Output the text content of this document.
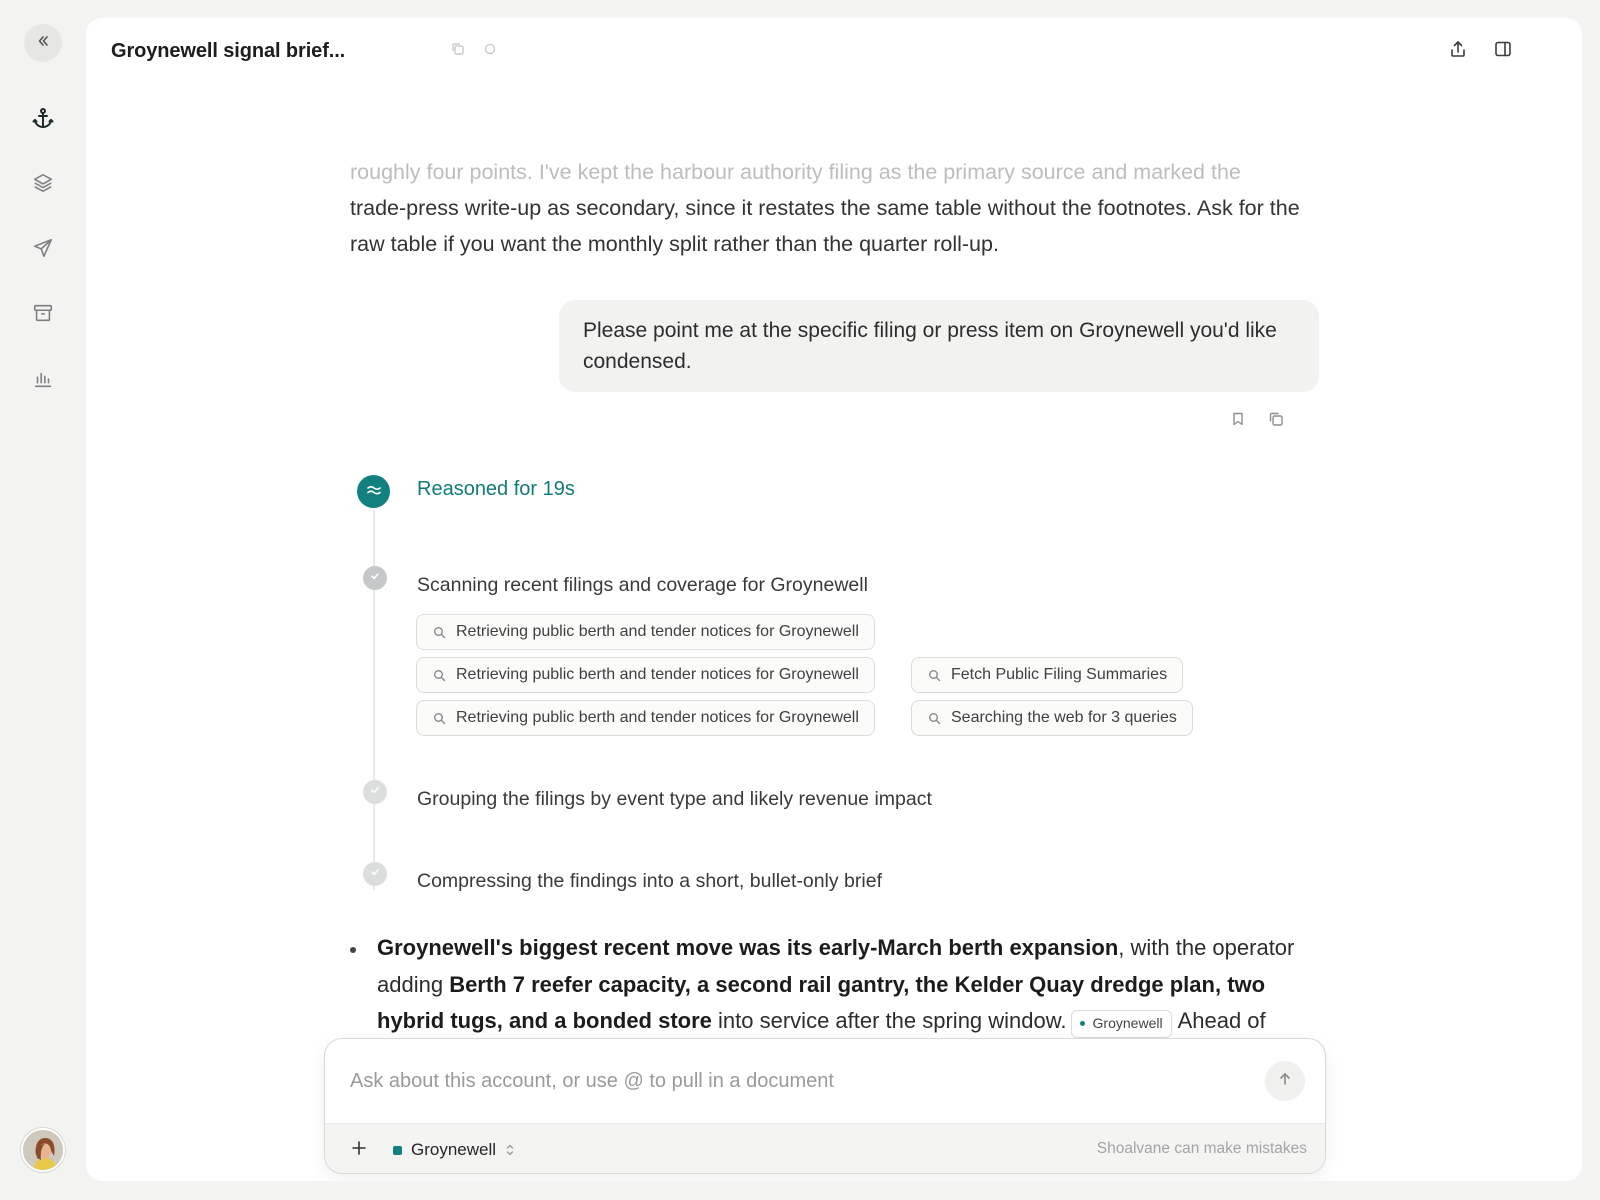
Groynewell signal brief...
roughly four points. I've kept the harbour authority filing as the primary source and marked the
trade-press write-up as secondary, since it restates the same table without the footnotes. Ask for the raw table if you want the monthly split rather than the quarter roll-up.
Please point me at the specific filing or press item on Groynewell you'd like condensed.
Reasoned for 19s
Scanning recent filings and coverage for Groynewell
Retrieving public berth and tender notices for Groynewell
Retrieving public berth and tender notices for Groynewell
Retrieving public berth and tender notices for Groynewell
Fetch Public Filing Summaries
Searching the web for 3 queries
Grouping the filings by event type and likely revenue impact
Compressing the findings into a short, bullet-only brief
Groynewell's biggest recent move was its early-March berth expansion, with the operator adding Berth 7 reefer capacity, a second rail gantry, the Kelder Quay dredge plan, two hybrid tugs, and a bonded store into service after the spring window. Groynewell Ahead of
Ask about this account, or use @ to pull in a document
Groynewell	Shoalvane can make mistakes
